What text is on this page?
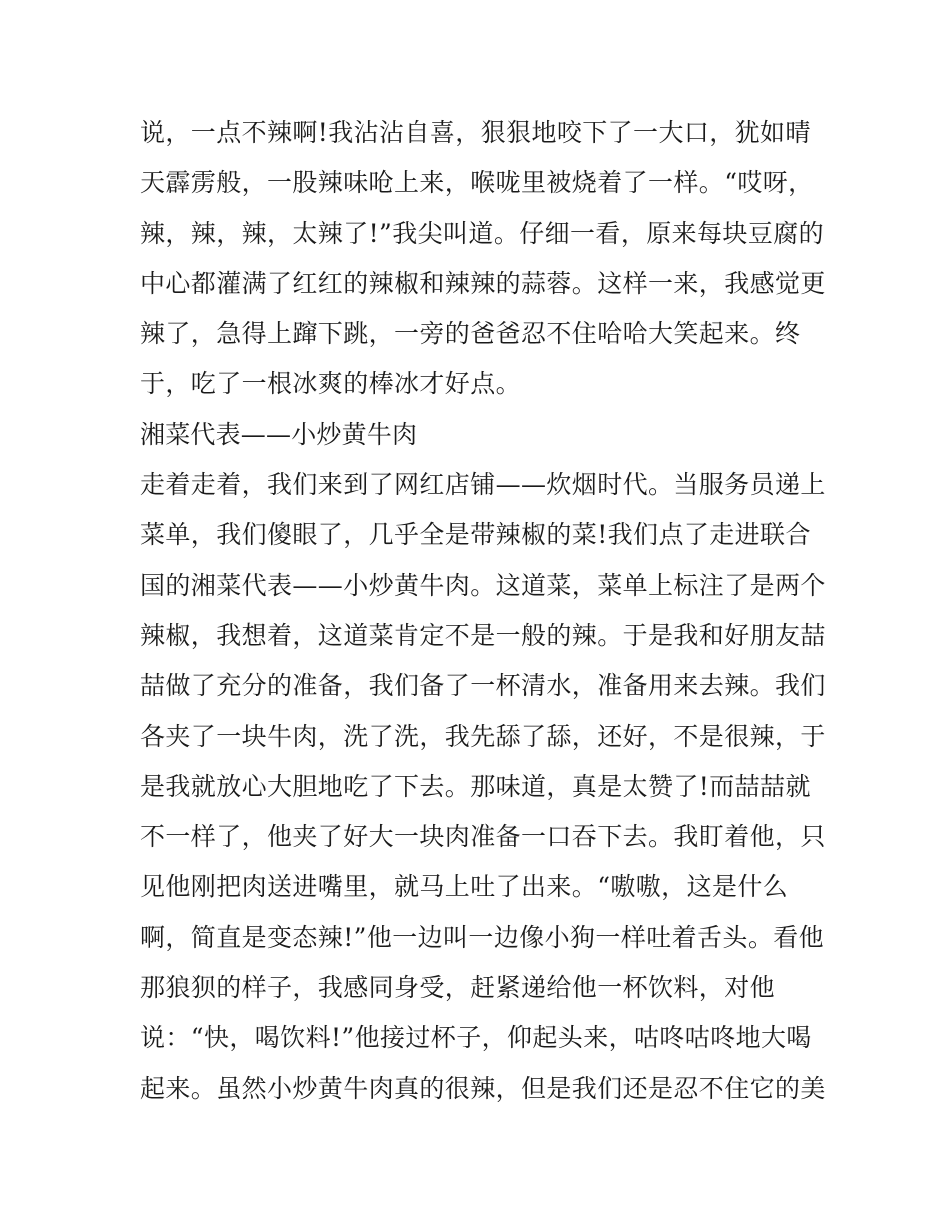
说，一点不辣啊!我沾沾自喜，狠狠地咬下了一大口，犹如晴
天霹雳般，一股辣味呛上来，喉咙里被烧着了一样。“哎呀，
辣，辣，辣，太辣了!”我尖叫道。仔细一看，原来每块豆腐的
中心都灌满了红红的辣椒和辣辣的蒜蓉。这样一来，我感觉更
辣了，急得上蹿下跳，一旁的爸爸忍不住哈哈大笑起来。终
于，吃了一根冰爽的棒冰才好点。
湘菜代表——小炒黄牛肉
走着走着，我们来到了网红店铺——炊烟时代。当服务员递上
菜单，我们傻眼了，几乎全是带辣椒的菜!我们点了走进联合
国的湘菜代表——小炒黄牛肉。这道菜，菜单上标注了是两个
辣椒，我想着，这道菜肯定不是一般的辣。于是我和好朋友喆
喆做了充分的准备，我们备了一杯清水，准备用来去辣。我们
各夹了一块牛肉，洗了洗，我先舔了舔，还好，不是很辣，于
是我就放心大胆地吃了下去。那味道，真是太赞了!而喆喆就
不一样了，他夹了好大一块肉准备一口吞下去。我盯着他，只
见他刚把肉送进嘴里，就马上吐了出来。“嗷嗷，这是什么
啊，简直是变态辣!”他一边叫一边像小狗一样吐着舌头。看他
那狼狈的样子，我感同身受，赶紧递给他一杯饮料，对他
说：“快，喝饮料!”他接过杯子，仰起头来，咕咚咕咚地大喝
起来。虽然小炒黄牛肉真的很辣，但是我们还是忍不住它的美
